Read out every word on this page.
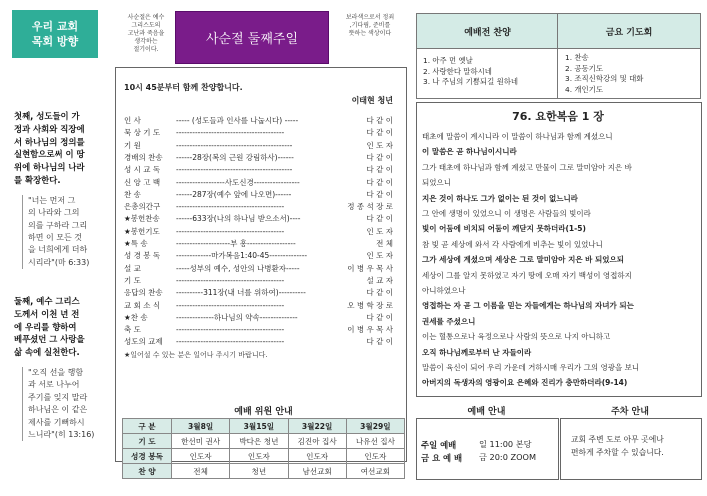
우리 교회
목회 방향
첫째, 성도들이 가
정과 사회와 직장에
서 하나님의 정의를
실현함으로써 이 땅
위에 하나님의 나라
를 확장한다.
"너는 먼저 그
의 나라와 그의
의를 구하라 그리
하면 이 모든 것
을 너희에게 더하
시리라"(마 6:33)
둘째, 예수 그리스
도께서 이천 년 전
에 우리를 향하여
베푸셨던 그 사랑을
삶 속에 실천한다.
"오직 선을 행함
과 서로 나누어
주기를 잊지 말라
하나님은 이 같은
제사를 기뻐하시
느니라"(히 13:16)
사순절은 예수
그리스도의
고난과 죽음을
생각하는
절기이다.
사순절 둘째주일
보라색으로서 정죄
,기다림, 준비를
뜻하는 색상이다
10시 45분부터 함께 찬양합니다.
이태현 청년
인 사	----- (성도들과 인사를 나눕시다) -----	다 같 이
묵 상 기 도 ----------------------------------------	다 같 이
기 원	-------------------------------------------	인 도 자
경배의 찬송 ------28장(복의 근원 강림하사)------	다 같 이
성 시 교 독 -------------------------------------------	다 같 이
신 앙 고 백 ------------------사도신경-----------------	다 같 이
찬 송	------287장(예수 앞에 나오면)------	다 같 이
은총의간구 ----------------------------------------	정 종 석 장 로
★봉헌찬송 ------633장(나의 하나님 받으소서)----	다 같 이
★봉헌기도 ----------------------------------------	인 도 자
★특 송	--------------------부 흥------------------	전 체
성 경 봉 독 -------------마가복음1:40-45--------------	인 도 자
설 교	-----성부의 예수, 성안의 나병환자-----	이 병 우 목 사
기 도	----------------------------------------	설 교 자
응답의 찬송 ----------311장(내 너를 위하여)----------	다 같 이
교 회 소 식 ----------------------------------------	오 병 학 장 로
★찬 송	--------------하나님의 약속--------------	다 같 이
축 도	----------------------------------------	이 병 우 목 사
성도의 교제 ----------------------------------------	다 같 이
★일어설 수 있는 분은 일어나 주시기 바랍니다.
예배 위원 안내
구 분	3월8일	3월15일	3월22일	3월29일
기 도	한선미 권사	박다은 청년	김진아 집사	나유선 집사
성경 봉독	인도자	인도자	인도자	인도자
찬 양	전체	청년	남선교회	여선교회
예배전 찬양	금요 기도회
1. 아주 먼 옛날
2. 사랑한다 말하시네
3. 나 주님의 기쁨되길 원하네
1. 찬송
2. 공동기도
3. 조직신학강의 및 대화
4. 개인기도
76. 요한복음 1 장
태초에 말씀이 계시니라 이 말씀이 하나님과 함께 계셨으니
이 말씀은 곧 하나님이시니라
그가 태초에 하나님과 함께 계셨고 만물이 그로 말미암아 지은 바
되었으니
지은 것이 하나도 그가 없이는 된 것이 없느니라
그 안에 생명이 있었으니 이 생명은 사람들의 빛이라
빛이 어둠에 비치되 어둠이 깨닫지 못하더라(1-5)
참 빛 곧 세상에 와서 각 사람에게 비추는 빛이 있었나니
그가 세상에 계셨으며 세상은 그로 말미암아 지은 바 되었으되
세상이 그를 알지 못하였고 자기 땅에 오매 자기 백성이 영접하지
아니하였으나
영접하는 자 곧 그 이름을 믿는 자들에게는 하나님의 자녀가 되는
권세를 주셨으니
이는 혈통으로나 육정으로나 사람의 뜻으로 나지 아니하고
오직 하나님께로부터 난 자들이라
말씀이 육신이 되어 우리 가운데 거하시매 우리가 그의 영광을 보니
아버지의 독생자의 영광이요 은혜와 진리가 충만하더라(9-14)
예배 안내	주차 안내
주일 예배	일 11:00 본당
금 요 예 배 금 20:0 ZOOM
교회 주변 도로 아무 곳에나
편하게 주차할 수 있습니다.
